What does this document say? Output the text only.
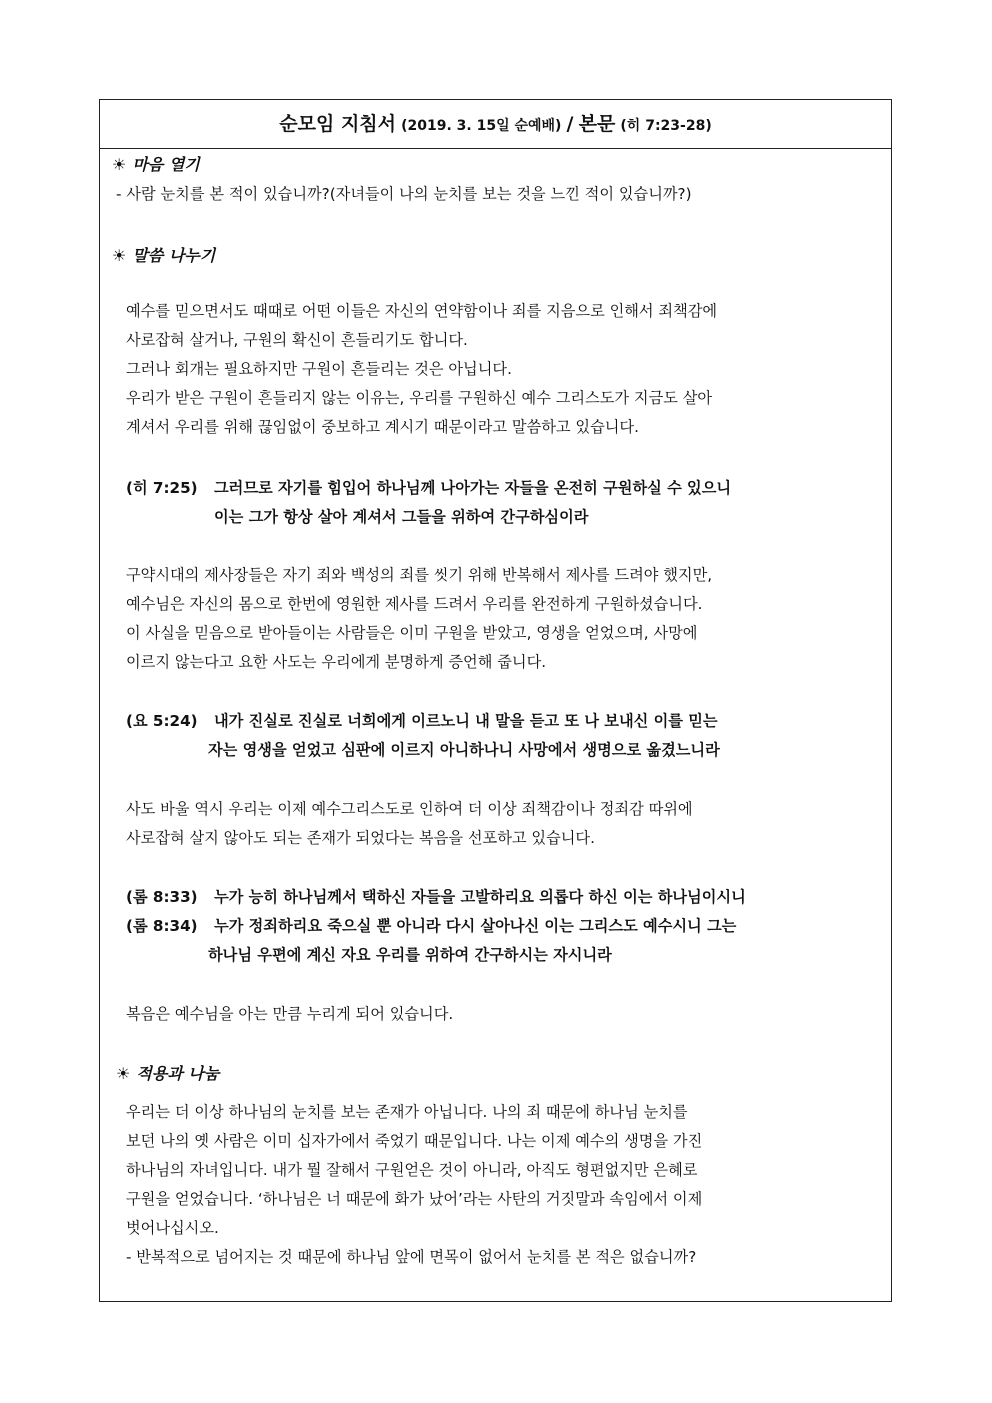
순모임 지침서 (2019. 3. 15일 순예배) / 본문 (히 7:23-28)
☀ 마음 열기
- 사람 눈치를 본 적이 있습니까?(자녀들이 나의 눈치를 보는 것을 느낀 적이 있습니까?)
☀ 말씀 나누기
예수를 믿으면서도 때때로 어떤 이들은 자신의 연약함이나 죄를 지음으로 인해서 죄책감에
사로잡혀 살거나, 구원의 확신이 흔들리기도 합니다.
그러나 회개는 필요하지만 구원이 흔들리는 것은 아닙니다.
우리가 받은 구원이 흔들리지 않는 이유는, 우리를 구원하신 예수 그리스도가 지금도 살아
계셔서 우리를 위해 끊임없이 중보하고 계시기 때문이라고 말씀하고 있습니다.
(히 7:25) 그러므로 자기를 힘입어 하나님께 나아가는 자들을 온전히 구원하실 수 있으니
이는 그가 항상 살아 계셔서 그들을 위하여 간구하심이라
구약시대의 제사장들은 자기 죄와 백성의 죄를 씻기 위해 반복해서 제사를 드려야 했지만,
예수님은 자신의 몸으로 한번에 영원한 제사를 드려서 우리를 완전하게 구원하셨습니다.
이 사실을 믿음으로 받아들이는 사람들은 이미 구원을 받았고, 영생을 얻었으며, 사망에
이르지 않는다고 요한 사도는 우리에게 분명하게 증언해 줍니다.
(요 5:24) 내가 진실로 진실로 너희에게 이르노니 내 말을 듣고 또 나 보내신 이를 믿는
자는 영생을 얻었고 심판에 이르지 아니하나니 사망에서 생명으로 옮겼느니라
사도 바울 역시 우리는 이제 예수그리스도로 인하여 더 이상 죄책감이나 정죄감 따위에
사로잡혀 살지 않아도 되는 존재가 되었다는 복음을 선포하고 있습니다.
(롬 8:33) 누가 능히 하나님께서 택하신 자들을 고발하리요 의롭다 하신 이는 하나님이시니
(롬 8:34) 누가 정죄하리요 죽으실 뿐 아니라 다시 살아나신 이는 그리스도 예수시니 그는
하나님 우편에 계신 자요 우리를 위하여 간구하시는 자시니라
복음은 예수님을 아는 만큼 누리게 되어 있습니다.
☀ 적용과 나눔
우리는 더 이상 하나님의 눈치를 보는 존재가 아닙니다. 나의 죄 때문에 하나님 눈치를
보던 나의 옛 사람은 이미 십자가에서 죽었기 때문입니다. 나는 이제 예수의 생명을 가진
하나님의 자녀입니다. 내가 뭘 잘해서 구원얻은 것이 아니라, 아직도 형편없지만 은혜로
구원을 얻었습니다. ‘하나님은 너 때문에 화가 났어’라는 사탄의 거짓말과 속임에서 이제
벗어나십시오.
- 반복적으로 넘어지는 것 때문에 하나님 앞에 면목이 없어서 눈치를 본 적은 없습니까?
